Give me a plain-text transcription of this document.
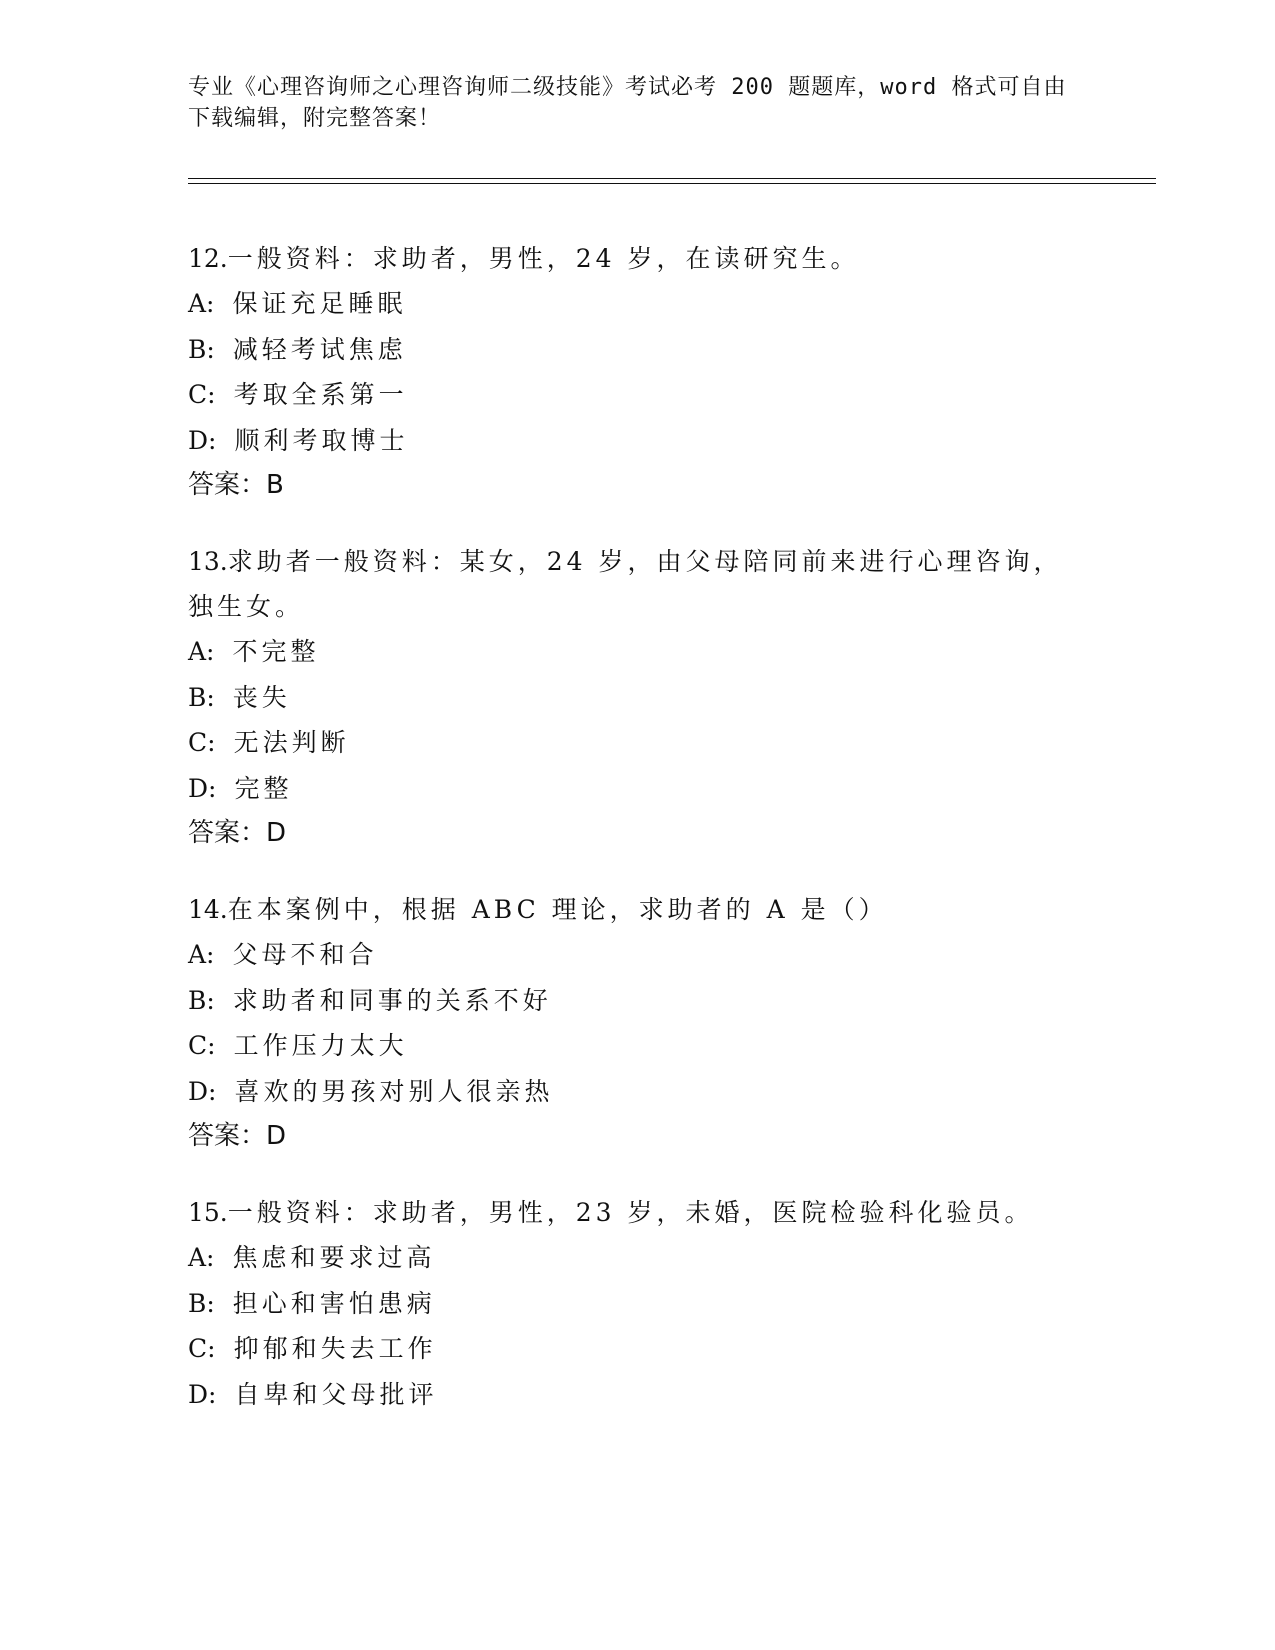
专业《心理咨询师之心理咨询师二级技能》考试必考 200 题题库，word 格式可自由下载编辑，附完整答案！
12.一般资料：求助者，男性，24 岁，在读研究生。
A: 保证充足睡眠
B: 减轻考试焦虑
C: 考取全系第一
D: 顺利考取博士
答案：B
13.求助者一般资料：某女，24 岁，由父母陪同前来进行心理咨询，独生女。
A: 不完整
B: 丧失
C: 无法判断
D: 完整
答案：D
14.在本案例中，根据 ABC 理论，求助者的 A 是（）
A: 父母不和合
B: 求助者和同事的关系不好
C: 工作压力太大
D: 喜欢的男孩对别人很亲热
答案：D
15.一般资料：求助者，男性，23 岁，未婚，医院检验科化验员。
A: 焦虑和要求过高
B: 担心和害怕患病
C: 抑郁和失去工作
D: 自卑和父母批评
